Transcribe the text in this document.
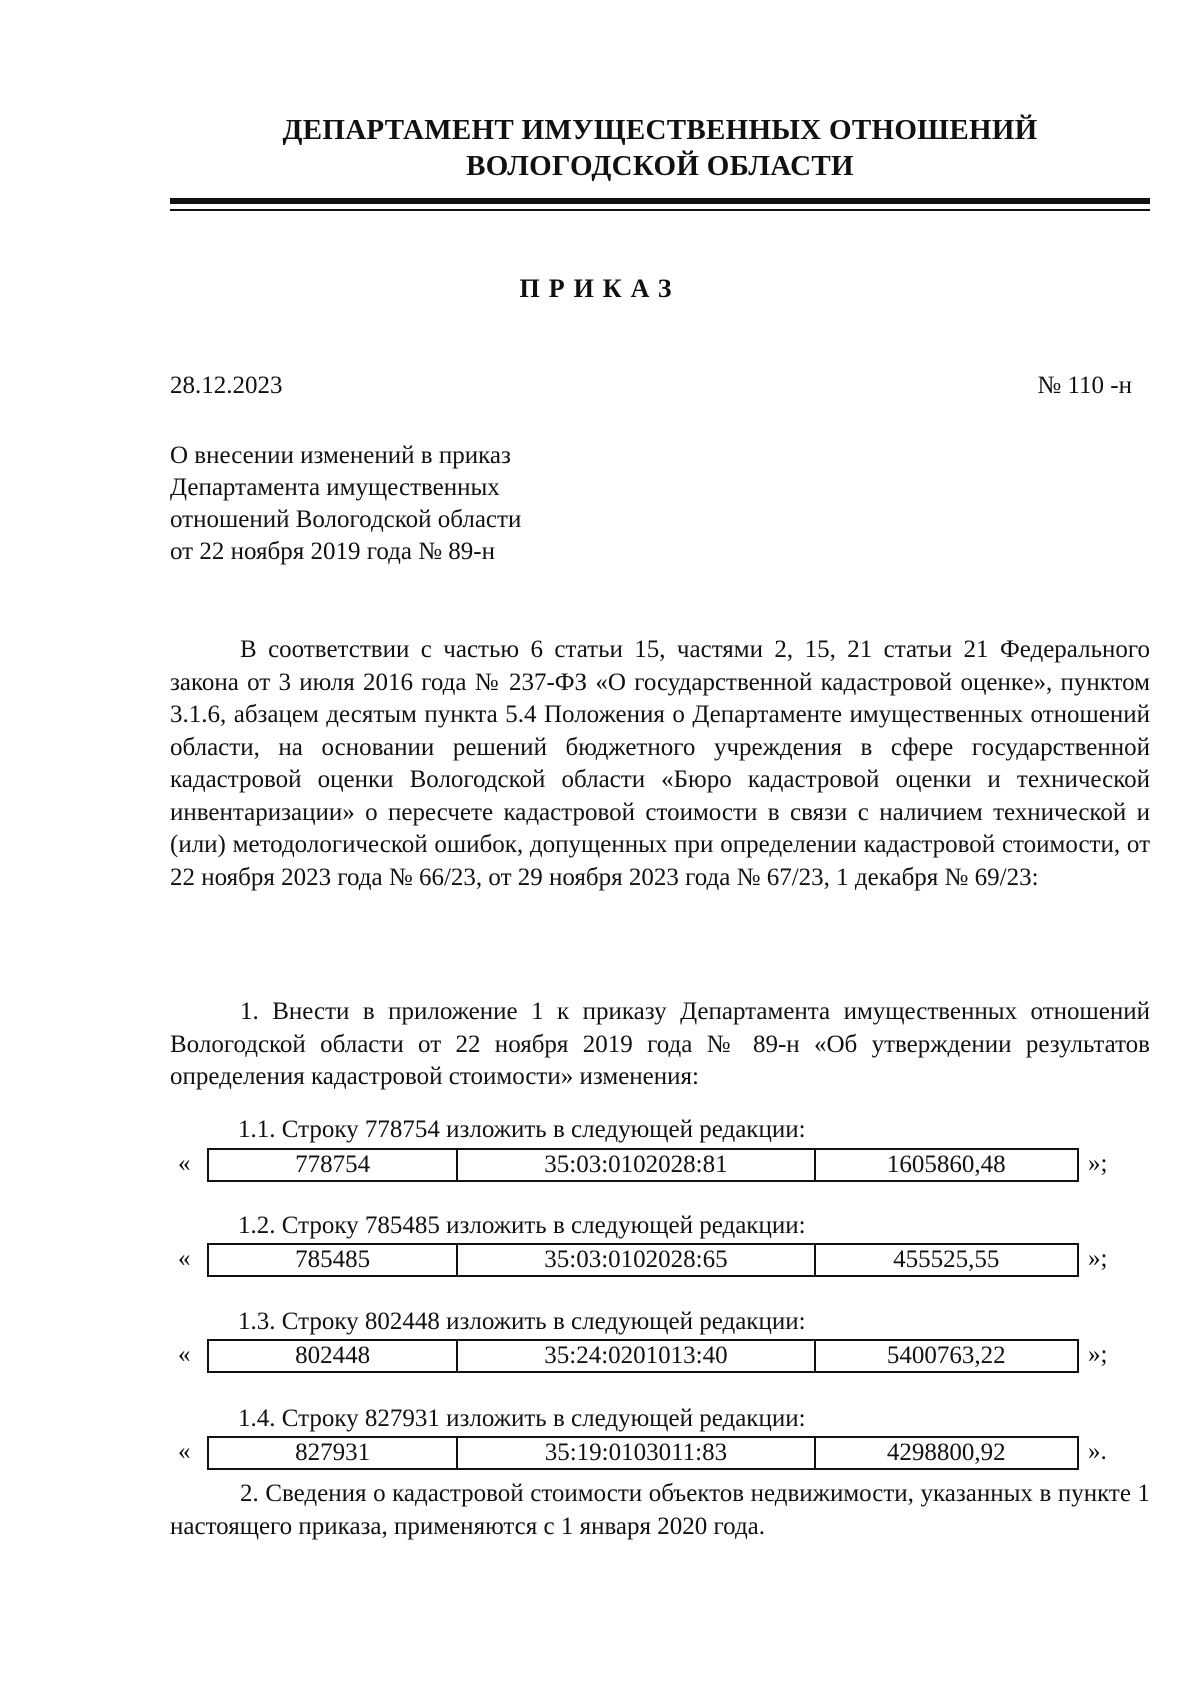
ДЕПАРТАМЕНТ ИМУЩЕСТВЕННЫХ ОТНОШЕНИЙ
ВОЛОГОДСКОЙ ОБЛАСТИ
ПРИКАЗ
28.12.2023	№ 110 -н
О внесении изменений в приказ
Департамента имущественных
отношений Вологодской области
от 22 ноября 2019 года № 89-н
В соответствии с частью 6 статьи 15, частями 2, 15, 21 статьи 21 Федерального закона от 3 июля 2016 года № 237-ФЗ «О государственной кадастровой оценке», пунктом 3.1.6, абзацем десятым пункта 5.4 Положения о Департаменте имущественных отношений области, на основании решений бюджетного учреждения в сфере государственной кадастровой оценки Вологодской области «Бюро кадастровой оценки и технической инвентаризации» о пересчете кадастровой стоимости в связи с наличием технической и (или) методологической ошибок, допущенных при определении кадастровой стоимости, от 22 ноября 2023 года № 66/23, от 29 ноября 2023 года № 67/23, 1 декабря № 69/23:
1. Внести в приложение 1 к приказу Департамента имущественных отношений Вологодской области от 22 ноября 2019 года № 89-н «Об утверждении результатов определения кадастровой стоимости» изменения:
1.1. Строку 778754 изложить в следующей редакции:
«	778754	35:03:0102028:81	1605860,48	»;
1.2. Строку 785485 изложить в следующей редакции:
«	785485	35:03:0102028:65	455525,55	»;
1.3. Строку 802448 изложить в следующей редакции:
«	802448	35:24:0201013:40	5400763,22	»;
1.4. Строку 827931 изложить в следующей редакции:
«	827931	35:19:0103011:83	4298800,92	».
2. Сведения о кадастровой стоимости объектов недвижимости, указанных в пункте 1 настоящего приказа, применяются с 1 января 2020 года.
